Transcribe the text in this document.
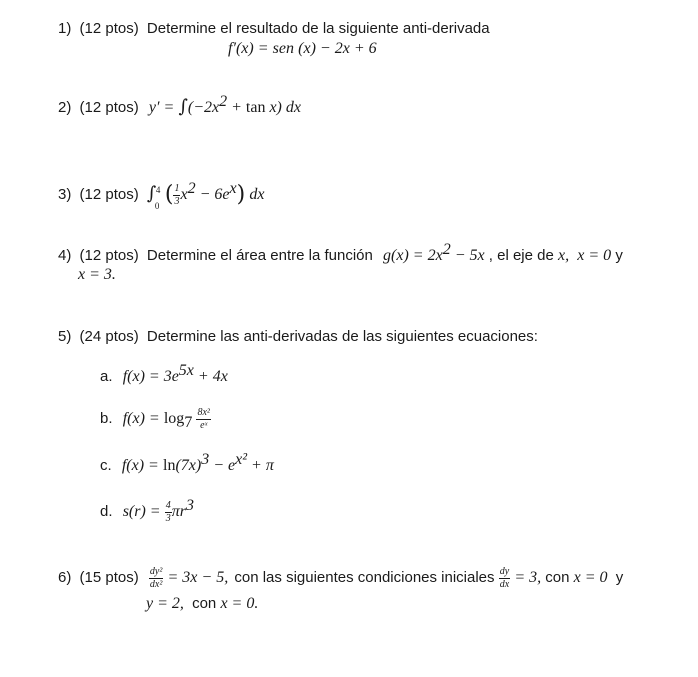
1) (12 ptos) Determine el resultado de la siguiente anti-derivada
f′(x) = sen (x) − 2x + 6
2) (12 ptos) $y' = \int(-2x^2 + \tan x)$ dx
3) (12 ptos) ∫ 4
0 ( $\frac{1}{3} x^2 - 6e^x$) dx
4) (12 ptos) Determine el área entre la función $g(x) = 2x^2 - 5x$ , el eje de x, x = 0 y
x = 3.
5) (24 ptos) Determine las anti-derivadas de las siguientes ecuaciones:
a. $f(x) = 3e^{5x} + 4x$
b. $f(x) = \log_7 \frac{\text{8x²}}{\text{eˣ}}$
c. $f(x) = \ln(7x)^3 - e^{x^2} + \pi$
d. $s(r) = \frac{4}{3} \pi r^3$
6) (15 ptos) $\frac{\text{dy²}}{\text{dx²}} = 3x - 5$, con las siguientes condiciones iniciales $\frac{dy}{dx} = 3$, con x = 0 y
y = 2, con x = 0.
